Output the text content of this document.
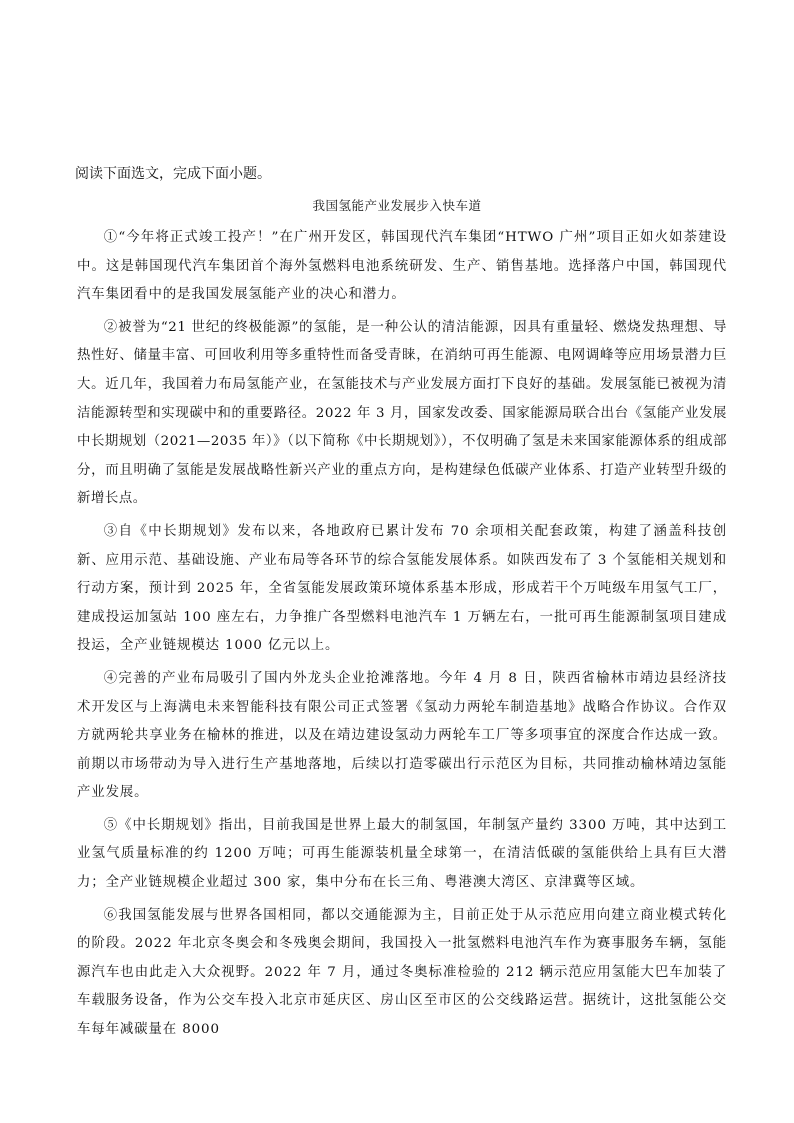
阅读下面选文，完成下面小题。
我国氢能产业发展步入快车道

①“今年将正式竣工投产！”在广州开发区，韩国现代汽车集团“HTWO 广州”项目正如火如荼建设中。这是韩国现代汽车集团首个海外氢燃料电池系统研发、生产、销售基地。选择落户中国，韩国现代汽车集团看中的是我国发展氢能产业的决心和潜力。

②被誉为“21 世纪的终极能源”的氢能，是一种公认的清洁能源，因具有重量轻、燃烧发热理想、导热性好、储量丰富、可回收利用等多重特性而备受青睐，在消纳可再生能源、电网调峰等应用场景潜力巨大。近几年，我国着力布局氢能产业，在氢能技术与产业发展方面打下良好的基础。发展氢能已被视为清洁能源转型和实现碳中和的重要路径。2022 年 3 月，国家发改委、国家能源局联合出台《氢能产业发展中长期规划（2021—2035 年）》（以下简称《中长期规划》），不仅明确了氢是未来国家能源体系的组成部分，而且明确了氢能是发展战略性新兴产业的重点方向，是构建绿色低碳产业体系、打造产业转型升级的新增长点。

③自《中长期规划》发布以来，各地政府已累计发布 70 余项相关配套政策，构建了涵盖科技创新、应用示范、基础设施、产业布局等各环节的综合氢能发展体系。如陕西发布了 3 个氢能相关规划和行动方案，预计到 2025 年，全省氢能发展政策环境体系基本形成，形成若干个万吨级车用氢气工厂，建成投运加氢站 100 座左右，力争推广各型燃料电池汽车 1 万辆左右，一批可再生能源制氢项目建成投运，全产业链规模达 1000 亿元以上。

④完善的产业布局吸引了国内外龙头企业抢滩落地。今年 4 月 8 日，陕西省榆林市靖边县经济技术开发区与上海满电未来智能科技有限公司正式签署《氢动力两轮车制造基地》战略合作协议。合作双方就两轮共享业务在榆林的推进，以及在靖边建设氢动力两轮车工厂等多项事宜的深度合作达成一致。前期以市场带动为导入进行生产基地落地，后续以打造零碳出行示范区为目标，共同推动榆林靖边氢能产业发展。

⑤《中长期规划》指出，目前我国是世界上最大的制氢国，年制氢产量约 3300 万吨，其中达到工业氢气质量标准的约 1200 万吨；可再生能源装机量全球第一，在清洁低碳的氢能供给上具有巨大潜力；全产业链规模企业超过 300 家，集中分布在长三角、粤港澳大湾区、京津冀等区域。

⑥我国氢能发展与世界各国相同，都以交通能源为主，目前正处于从示范应用向建立商业模式转化的阶段。2022 年北京冬奥会和冬残奥会期间，我国投入一批氢燃料电池汽车作为赛事服务车辆，氢能源汽车也由此走入大众视野。2022 年 7 月，通过冬奥标准检验的 212 辆示范应用氢能大巴车加装了车载服务设备，作为公交车投入北京市延庆区、房山区至市区的公交线路运营。据统计，这批氢能公交车每年减碳量在 8000
